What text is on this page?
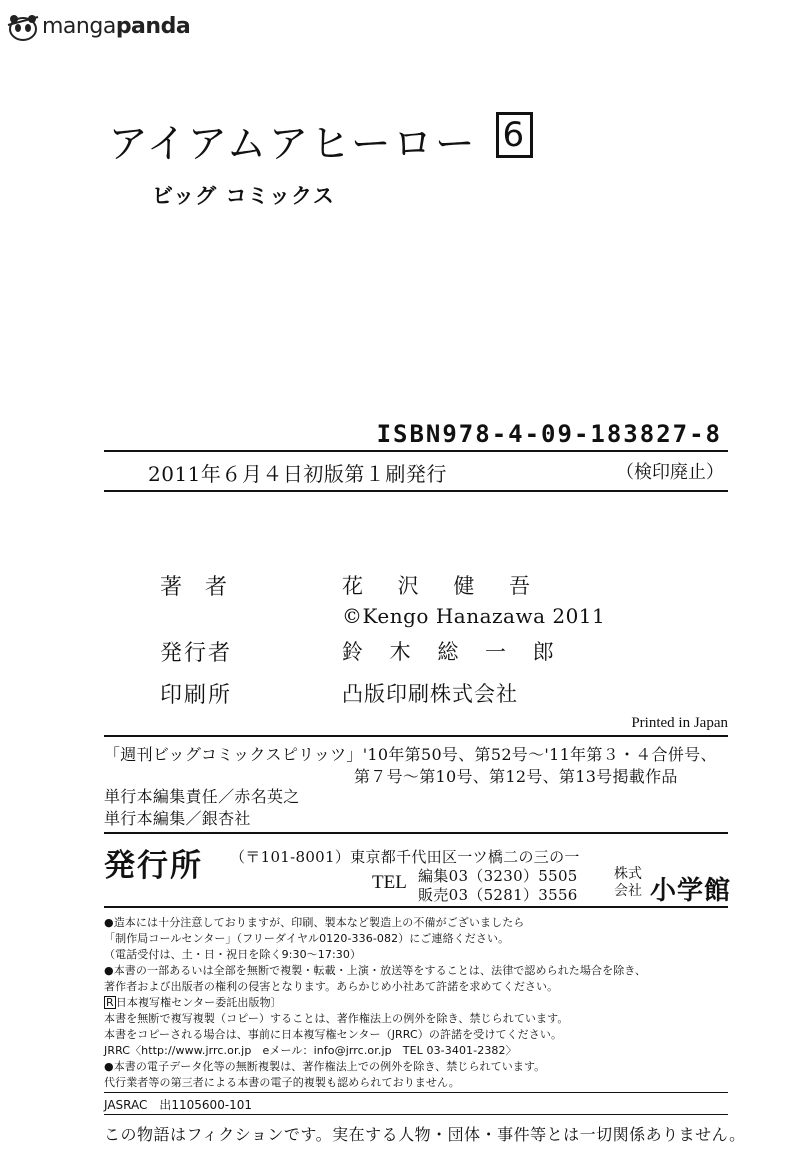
mangapanda
アイアムアヒーロー 6
ビッグ コミックス
ISBN978-4-09-183827-8
2011年６月４日初版第１刷発行	（検印廃止）
著 者	花 沢 健 吾
©Kengo Hanazawa 2011
発行者	鈴 木 総 一 郎
印刷所	凸版印刷株式会社
Printed in Japan
「週刊ビッグコミックスピリッツ」'10年第50号、第52号〜'11年第３・４合併号、
第７号〜第10号、第12号、第13号掲載作品
単行本編集責任／赤名英之
単行本編集／銀杏社
発行所 （〒101-8001）東京都千代田区一ツ橋二の三の一
TEL 編集03（3230）5505
販売03（5281）3556
株式
会社 小学館
●造本には十分注意しておりますが、印刷、製本など製造上の不備がございましたら
「制作局コールセンター」（フリーダイヤル0120-336-082）にご連絡ください。
（電話受付は、土・日・祝日を除く9:30〜17:30）
●本書の一部あるいは全部を無断で複製・転載・上演・放送等をすることは、法律で認められた場合を除き、
著作者および出版者の権利の侵害となります。あらかじめ小社あて許諾を求めてください。
R 日本複写権センター委託出版物〕
本書を無断で複写複製（コピー）することは、著作権法上の例外を除き、禁じられています。
本書をコピーされる場合は、事前に日本複写権センター（JRRC）の許諾を受けてください。
JRRC〈http://www.jrrc.or.jp　eメール：info@jrrc.or.jp　TEL 03-3401-2382〉
●本書の電子データ化等の無断複製は、著作権法上での例外を除き、禁じられています。
代行業者等の第三者による本書の電子的複製も認められておりません。
JASRAC　出1105600-101
この物語はフィクションです。実在する人物・団体・事件等とは一切関係ありません。
